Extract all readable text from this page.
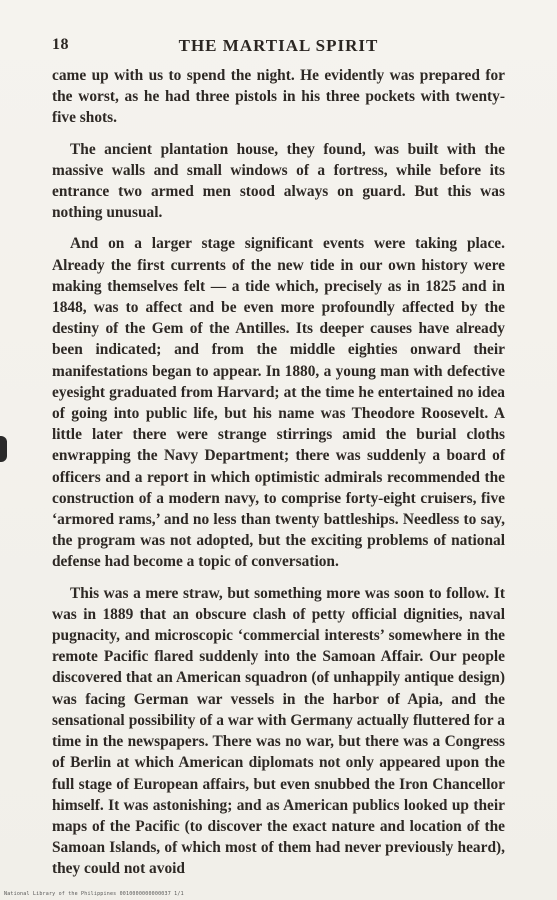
18	THE MARTIAL SPIRIT

came up with us to spend the night. He evidently was prepared for the worst, as he had three pistols in his three pockets with twenty-five shots.

The ancient plantation house, they found, was built with the massive walls and small windows of a fortress, while before its entrance two armed men stood always on guard. But this was nothing unusual.

And on a larger stage significant events were taking place. Already the first currents of the new tide in our own history were making themselves felt — a tide which, precisely as in 1825 and in 1848, was to affect and be even more profoundly affected by the destiny of the Gem of the Antilles. Its deeper causes have already been indicated; and from the middle eighties onward their manifestations began to appear. In 1880, a young man with defective eyesight graduated from Harvard; at the time he entertained no idea of going into public life, but his name was Theodore Roosevelt. A little later there were strange stirrings amid the burial cloths enwrapping the Navy Department; there was suddenly a board of officers and a report in which optimistic admirals recommended the construction of a modern navy, to comprise forty-eight cruisers, five ‘armored rams,’ and no less than twenty battleships. Needless to say, the program was not adopted, but the exciting problems of national defense had become a topic of conversation.

This was a mere straw, but something more was soon to follow. It was in 1889 that an obscure clash of petty official dignities, naval pugnacity, and microscopic ‘commercial interests’ somewhere in the remote Pacific flared suddenly into the Samoan Affair. Our people discovered that an American squadron (of unhappily antique design) was facing German war vessels in the harbor of Apia, and the sensational possibility of a war with Germany actually fluttered for a time in the newspapers. There was no war, but there was a Congress of Berlin at which American diplomats not only appeared upon the full stage of European affairs, but even snubbed the Iron Chancellor himself. It was astonishing; and as American publics looked up their maps of the Pacific (to discover the exact nature and location of the Samoan Islands, of which most of them had never previously heard), they could not avoid

National Library of the Philippines 0010000000000037 1/1
